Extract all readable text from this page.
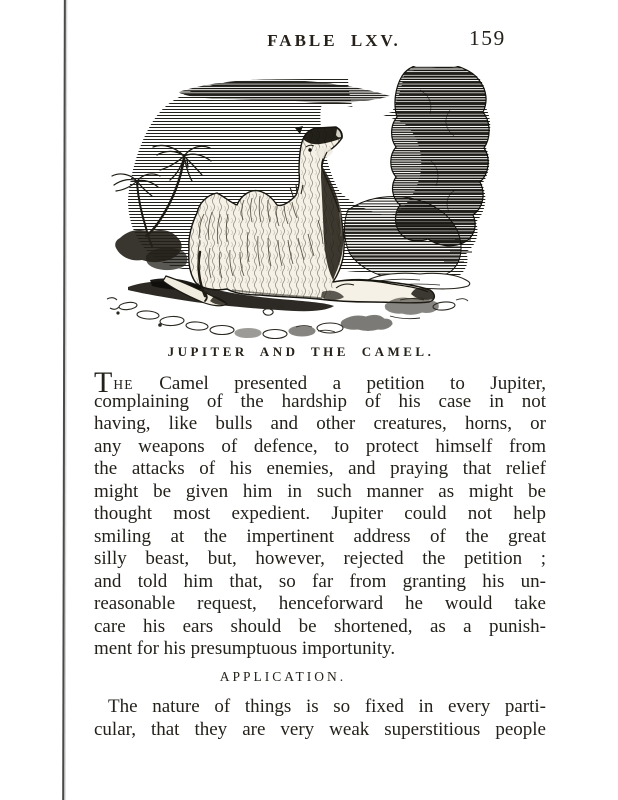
FABLE LXV.	159
JUPITER AND THE CAMEL.
THE Camel presented a petition to Jupiter,
complaining of the hardship of his case in not
having, like bulls and other creatures, horns, or
any weapons of defence, to protect himself from
the attacks of his enemies, and praying that relief
might be given him in such manner as might be
thought most expedient. Jupiter could not help
smiling at the impertinent address of the great
silly beast, but, however, rejected the petition ;
and told him that, so far from granting his un-
reasonable request, henceforward he would take
care his ears should be shortened, as a punish-
ment for his presumptuous importunity.
APPLICATION.
The nature of things is so fixed in every parti-
cular, that they are very weak superstitious people
